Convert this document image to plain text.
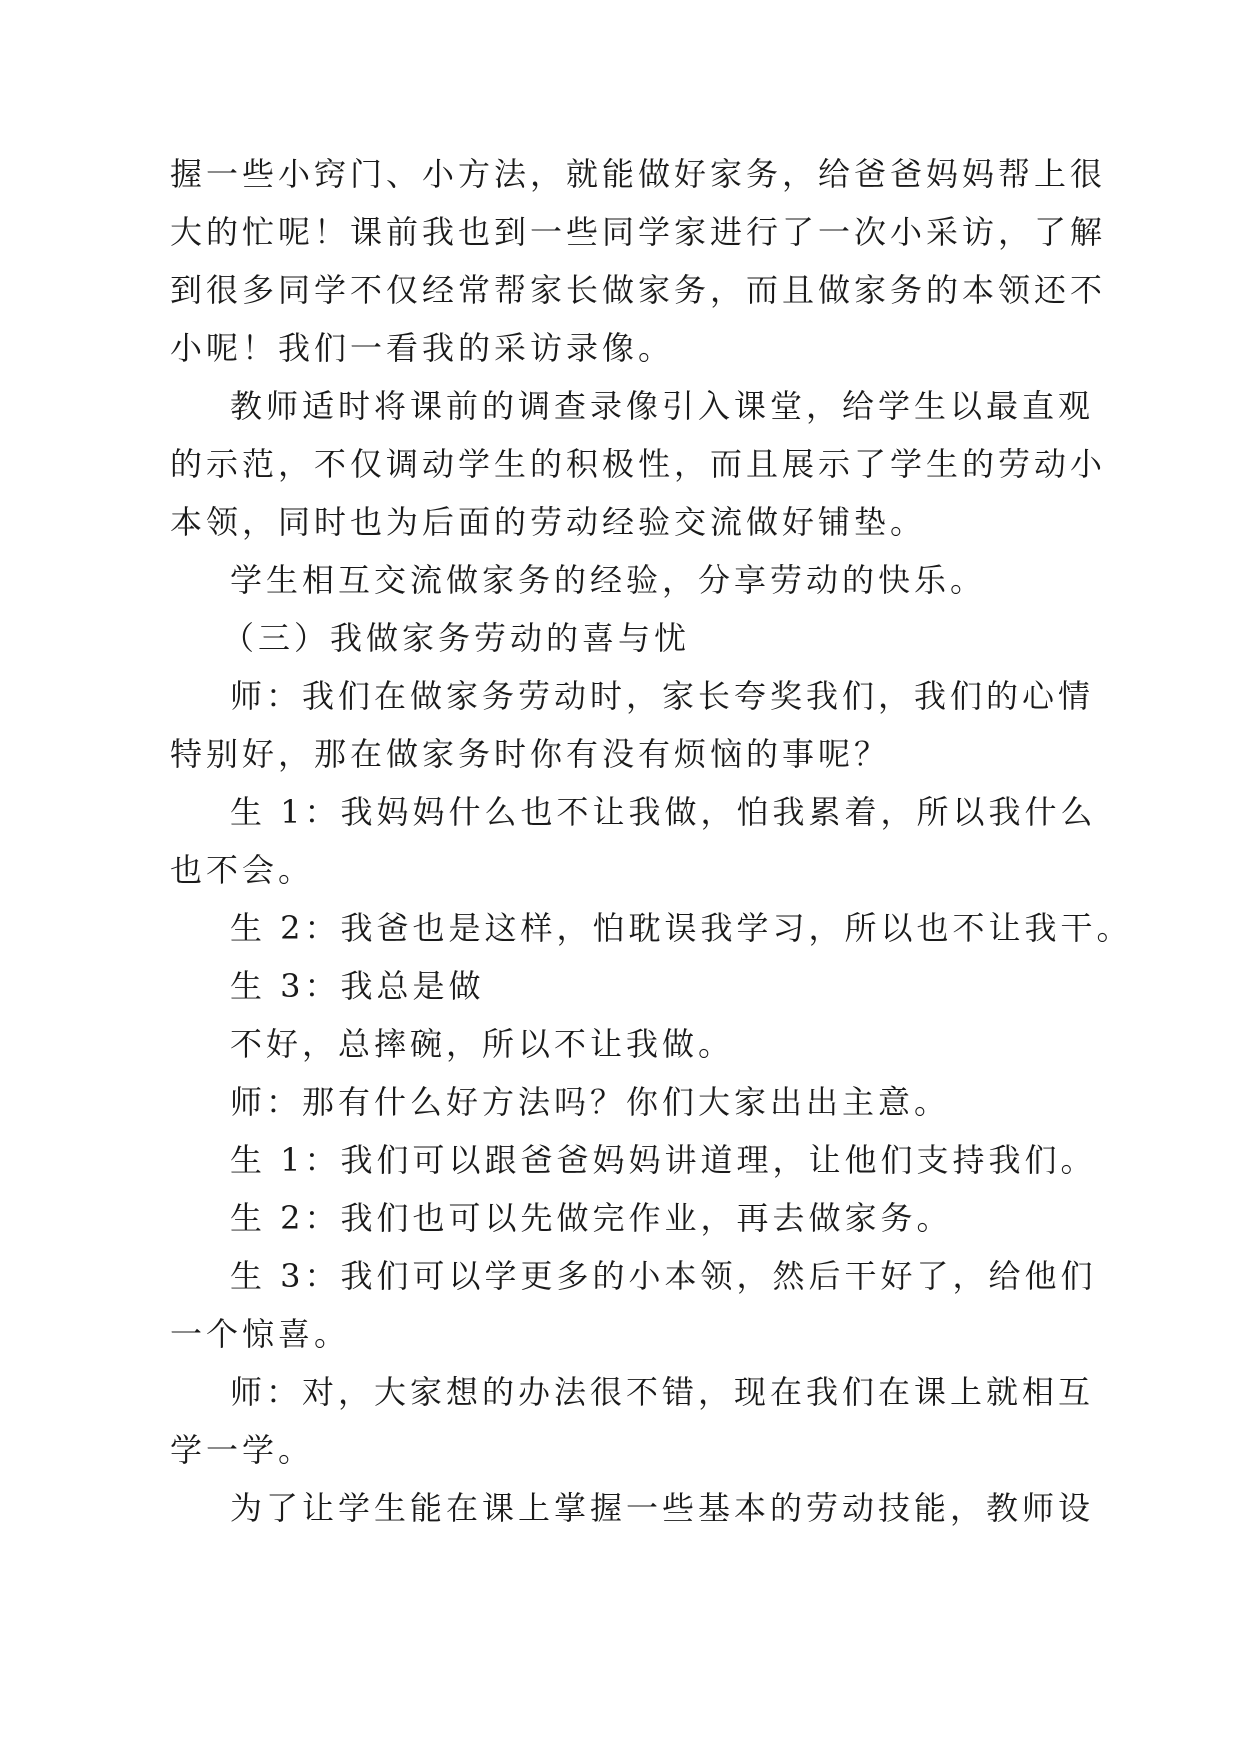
握一些小窍门、小方法，就能做好家务，给爸爸妈妈帮上很
大的忙呢！课前我也到一些同学家进行了一次小采访，了解
到很多同学不仅经常帮家长做家务，而且做家务的本领还不
小呢！我们一看我的采访录像。
教师适时将课前的调查录像引入课堂，给学生以最直观
的示范，不仅调动学生的积极性，而且展示了学生的劳动小
本领，同时也为后面的劳动经验交流做好铺垫。
学生相互交流做家务的经验，分享劳动的快乐。
（三）我做家务劳动的喜与忧
师：我们在做家务劳动时，家长夸奖我们，我们的心情
特别好，那在做家务时你有没有烦恼的事呢？
生 1：我妈妈什么也不让我做，怕我累着，所以我什么
也不会。
生 2：我爸也是这样，怕耽误我学习，所以也不让我干。
生 3：我总是做
不好，总摔碗，所以不让我做。
师：那有什么好方法吗？你们大家出出主意。
生 1：我们可以跟爸爸妈妈讲道理，让他们支持我们。
生 2：我们也可以先做完作业，再去做家务。
生 3：我们可以学更多的小本领，然后干好了，给他们
一个惊喜。
师：对，大家想的办法很不错，现在我们在课上就相互
学一学。
为了让学生能在课上掌握一些基本的劳动技能，教师设
